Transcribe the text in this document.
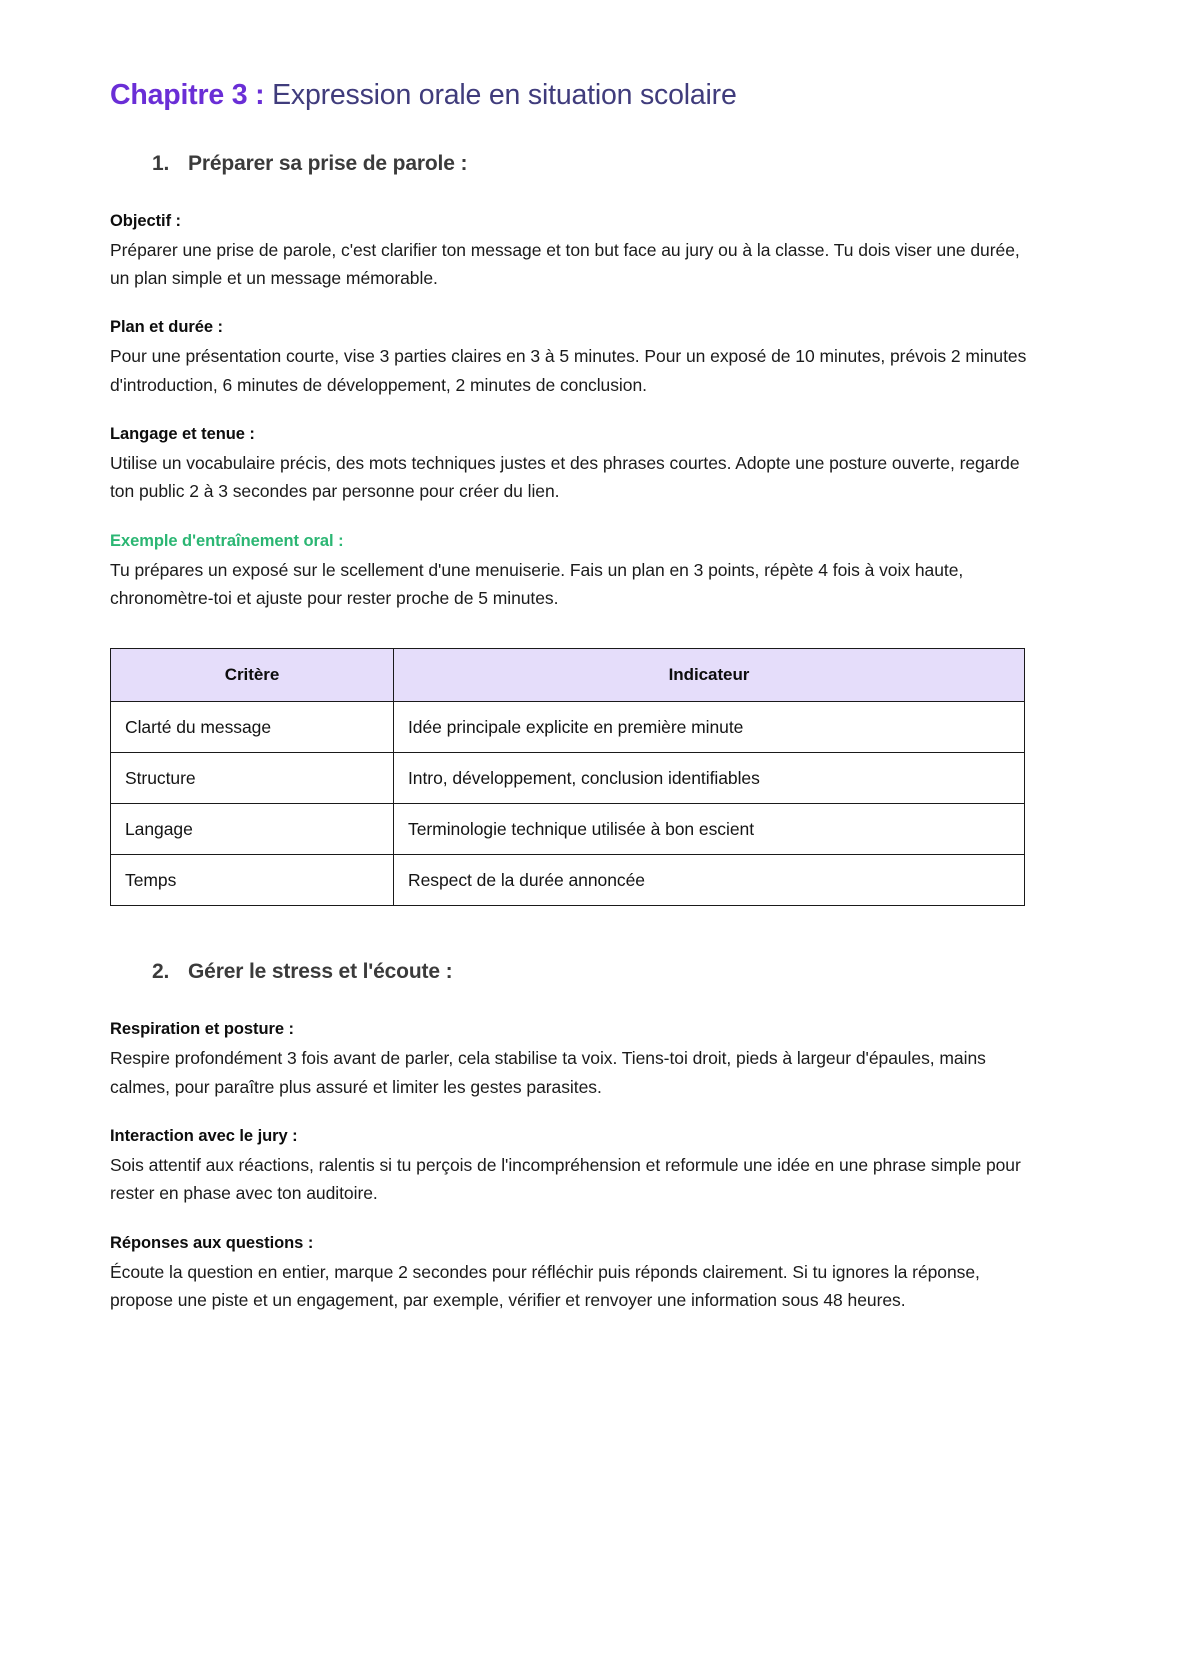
Chapitre 3 : Expression orale en situation scolaire
1. Préparer sa prise de parole :
Objectif :

Préparer une prise de parole, c'est clarifier ton message et ton but face au jury ou à la classe. Tu dois viser une durée, un plan simple et un message mémorable.

Plan et durée :

Pour une présentation courte, vise 3 parties claires en 3 à 5 minutes. Pour un exposé de 10 minutes, prévois 2 minutes d'introduction, 6 minutes de développement, 2 minutes de conclusion.

Langage et tenue :

Utilise un vocabulaire précis, des mots techniques justes et des phrases courtes. Adopte une posture ouverte, regarde ton public 2 à 3 secondes par personne pour créer du lien.

Exemple d'entraînement oral :

Tu prépares un exposé sur le scellement d'une menuiserie. Fais un plan en 3 points, répète 4 fois à voix haute, chronomètre-toi et ajuste pour rester proche de 5 minutes.

Critère	Indicateur
Clarté du message	Idée principale explicite en première minute
Structure	Intro, développement, conclusion identifiables
Langage	Terminologie technique utilisée à bon escient
Temps	Respect de la durée annoncée
2. Gérer le stress et l'écoute :
Respiration et posture :

Respire profondément 3 fois avant de parler, cela stabilise ta voix. Tiens-toi droit, pieds à largeur d'épaules, mains calmes, pour paraître plus assuré et limiter les gestes parasites.

Interaction avec le jury :

Sois attentif aux réactions, ralentis si tu perçois de l'incompréhension et reformule une idée en une phrase simple pour rester en phase avec ton auditoire.

Réponses aux questions :

Écoute la question en entier, marque 2 secondes pour réfléchir puis réponds clairement. Si tu ignores la réponse, propose une piste et un engagement, par exemple, vérifier et renvoyer une information sous 48 heures.
